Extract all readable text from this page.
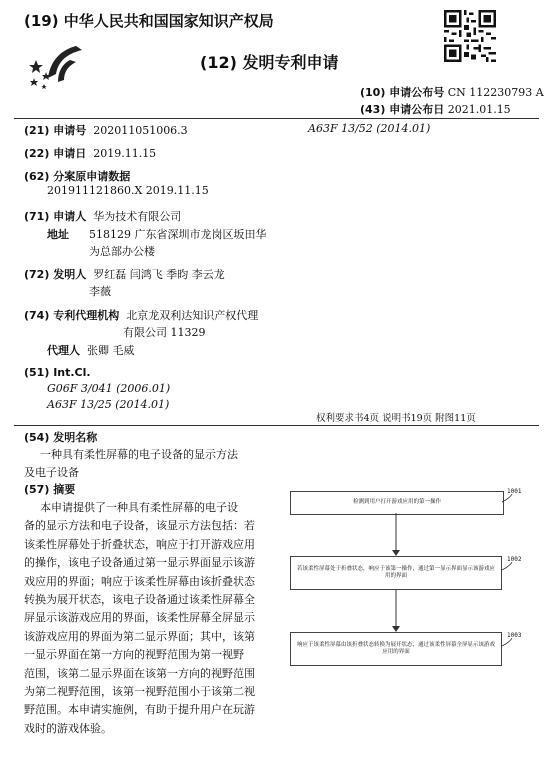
(19) 中华人民共和国国家知识产权局
(12) 发明专利申请
(10) 申请公布号 CN 112230793 A
(43) 申请公布日 2021.01.15
(21) 申请号 202011051006.3	A63F 13/52 (2014.01)
(22) 申请日 2019.11.15
(62) 分案原申请数据
201911121860.X 2019.11.15
(71) 申请人 华为技术有限公司
地址 518129 广东省深圳市龙岗区坂田华
为总部办公楼
(72) 发明人 罗红磊 闫鸿飞 季昀 李云龙
李薇
(74) 专利代理机构 北京龙双利达知识产权代理
有限公司 11329
代理人 张卿 毛威
(51) Int.Cl.
G06F 3/041 (2006.01)
A63F 13/25 (2014.01)
权利要求书4页 说明书19页 附图11页
(54) 发明名称
一种具有柔性屏幕的电子设备的显示方法
及电子设备
(57) 摘要
本申请提供了一种具有柔性屏幕的电子设
备的显示方法和电子设备，该显示方法包括：若
该柔性屏幕处于折叠状态，响应于打开游戏应用
的操作，该电子设备通过第一显示界面显示该游
戏应用的界面；响应于该柔性屏幕由该折叠状态
转换为展开状态，该电子设备通过该柔性屏幕全
屏显示该游戏应用的界面，该柔性屏幕全屏显示
该游戏应用的界面为第二显示界面；其中，该第
一显示界面在第一方向的视野范围为第一视野
范围，该第二显示界面在该第一方向的视野范围
为第二视野范围，该第一视野范围小于该第二视
野范围。本申请实施例，有助于提升用户在玩游
戏时的游戏体验。
检测到用户打开游戏应用的第一操作
若该柔性屏幕处于折叠状态，响应于该第一操作，通过第一显示界面显示该游戏应用的界面
响应于该柔性屏幕由该折叠状态转换为展开状态，通过该柔性屏幕全屏显示该游戏应用的界面
1001
1002
1003
